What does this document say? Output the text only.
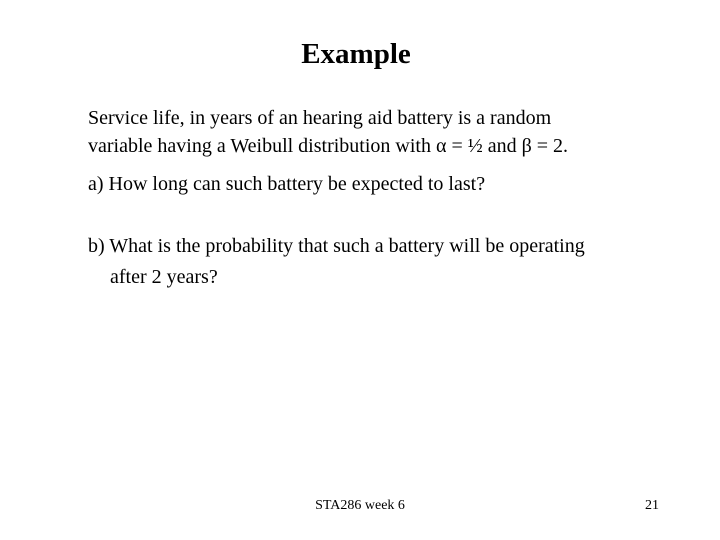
Example

Service life, in years of an hearing aid battery is a random

variable having a Weibull distribution with α = ½ and β = 2.

a) How long can such battery be expected to last?
b) What is the probability that such a battery will be operating
after 2 years?
STA286 week 6	21
